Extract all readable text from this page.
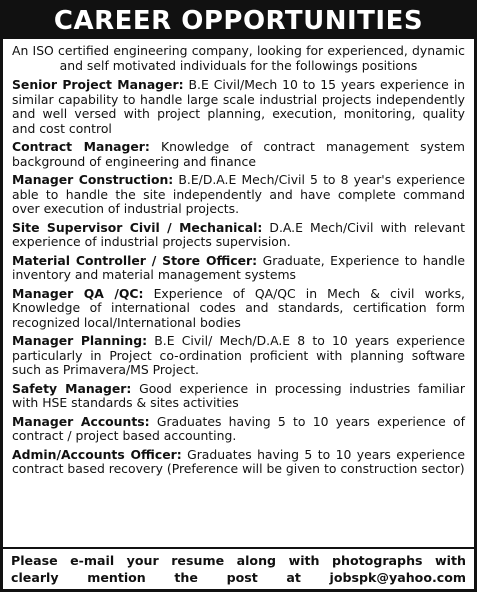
CAREER OPPORTUNITIES

An ISO certified engineering company, looking for experienced, dynamic and self motivated individuals for the followings positions

Senior Project Manager: B.E Civil/Mech 10 to 15 years experience in similar capability to handle large scale industrial projects independently and well versed with project planning, execution, monitoring, quality and cost control

Contract Manager: Knowledge of contract management system background of engineering and finance

Manager Construction: B.E/D.A.E Mech/Civil 5 to 8 year's experience able to handle the site independently and have complete command over execution of industrial projects.

Site Supervisor Civil / Mechanical: D.A.E Mech/Civil with relevant experience of industrial projects supervision.

Material Controller / Store Officer: Graduate, Experience to handle inventory and material management systems

Manager QA /QC: Experience of QA/QC in Mech & civil works, Knowledge of international codes and standards, certification form recognized local/International bodies

Manager Planning: B.E Civil/ Mech/D.A.E 8 to 10 years experience particularly in Project co-ordination proficient with planning software such as Primavera/MS Project.

Safety Manager: Good experience in processing industries familiar with HSE standards & sites activities

Manager Accounts: Graduates having 5 to 10 years experience of contract / project based accounting.

Admin/Accounts Officer: Graduates having 5 to 10 years experience contract based recovery (Preference will be given to construction sector)

Please e-mail your resume along with photographs with
clearly mention the post at jobspk@yahoo.com
